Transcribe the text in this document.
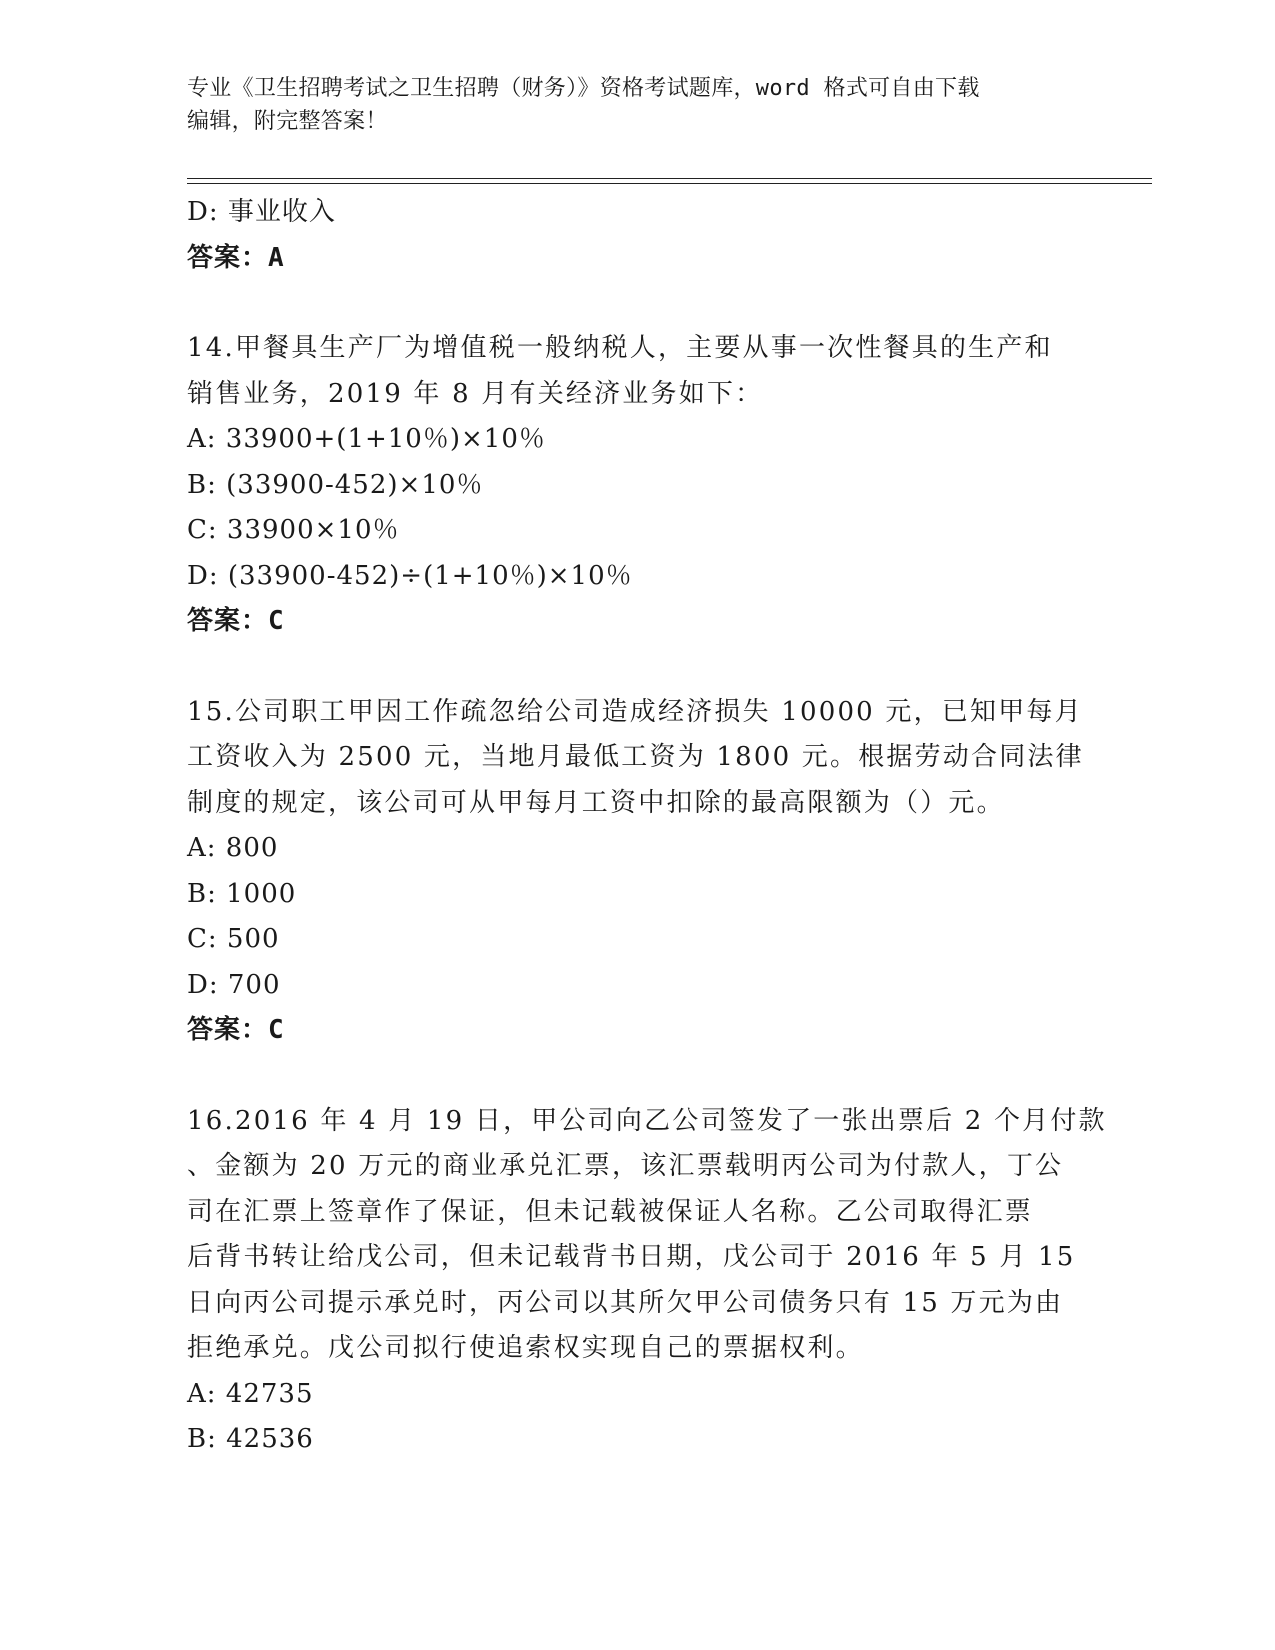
专业《卫生招聘考试之卫生招聘（财务）》资格考试题库，word 格式可自由下载
编辑，附完整答案！
D: 事业收入
答案：A
14.甲餐具生产厂为增值税一般纳税人，主要从事一次性餐具的生产和
销售业务，2019 年 8 月有关经济业务如下：
A: 33900+(1+10％)×10％
B: (33900-452)×10％
C: 33900×10％
D: (33900-452)÷(1+10％)×10％
答案：C
15.公司职工甲因工作疏忽给公司造成经济损失 10000 元，已知甲每月
工资收入为 2500 元，当地月最低工资为 1800 元。根据劳动合同法律
制度的规定，该公司可从甲每月工资中扣除的最高限额为（）元。
A: 800
B: 1000
C: 500
D: 700
答案：C
16.2016 年 4 月 19 日，甲公司向乙公司签发了一张出票后 2 个月付款
、金额为 20 万元的商业承兑汇票，该汇票载明丙公司为付款人，丁公
司在汇票上签章作了保证，但未记载被保证人名称。乙公司取得汇票
后背书转让给戊公司，但未记载背书日期，戊公司于 2016 年 5 月 15
日向丙公司提示承兑时，丙公司以其所欠甲公司债务只有 15 万元为由
拒绝承兑。戊公司拟行使追索权实现自己的票据权利。
A: 42735
B: 42536
